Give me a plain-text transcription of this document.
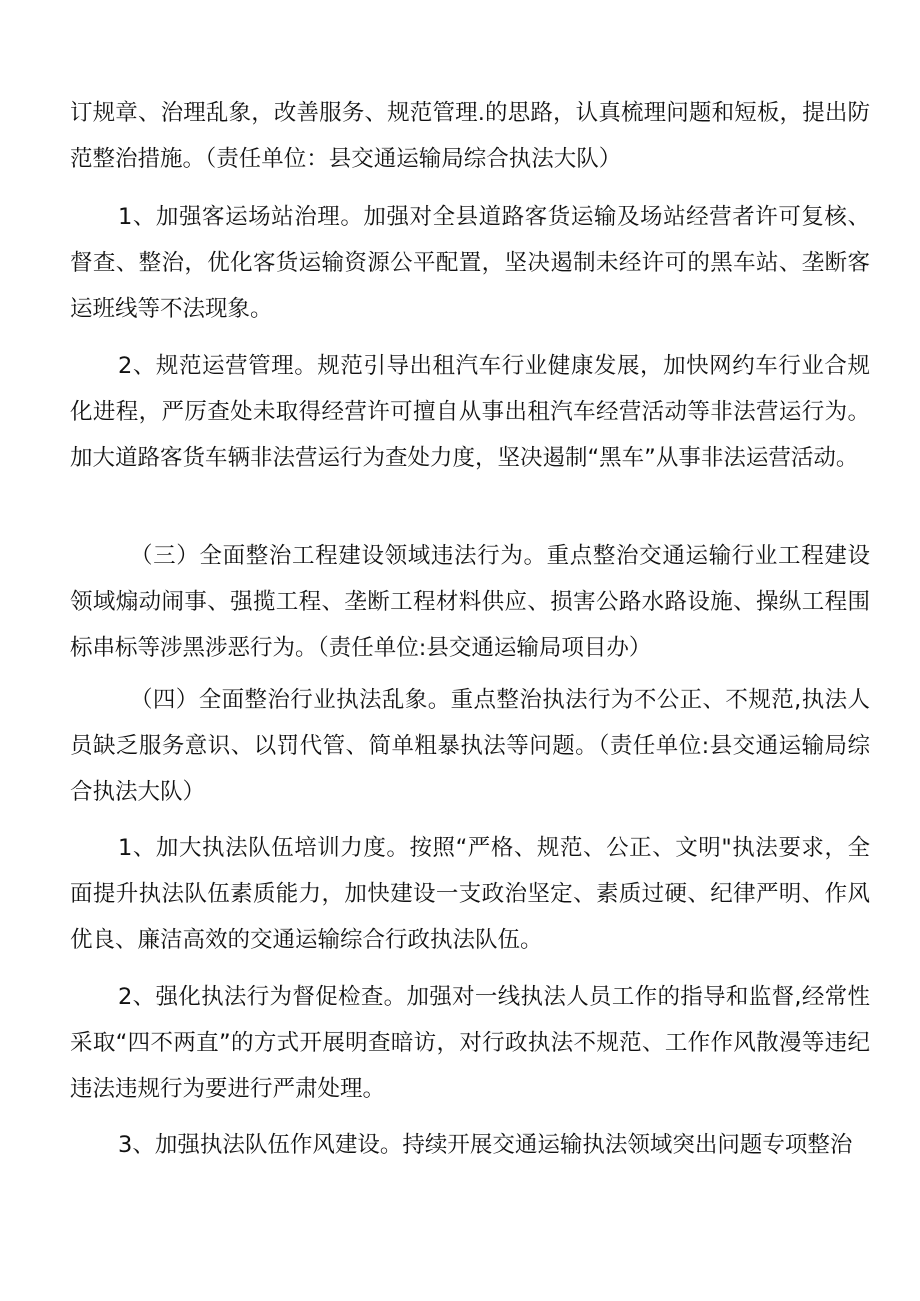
订规章、治理乱象，改善服务、规范管理.的思路，认真梳理问题和短板，提出防范整治措施。（责任单位：县交通运输局综合执法大队）

1、加强客运场站治理。加强对全县道路客货运输及场站经营者许可复核、督查、整治，优化客货运输资源公平配置，坚决遏制未经许可的黑车站、垄断客运班线等不法现象。

2、规范运营管理。规范引导出租汽车行业健康发展，加快网约车行业合规化进程，严厉查处未取得经营许可擅自从事出租汽车经营活动等非法营运行为。加大道路客货车辆非法营运行为查处力度，坚决遏制“黑车”从事非法运营活动。

（三）全面整治工程建设领域违法行为。重点整治交通运输行业工程建设领域煽动闹事、强揽工程、垄断工程材料供应、损害公路水路设施、操纵工程围标串标等涉黑涉恶行为。（责任单位:县交通运输局项目办）

（四）全面整治行业执法乱象。重点整治执法行为不公正、不规范,执法人员缺乏服务意识、以罚代管、简单粗暴执法等问题。（责任单位:县交通运输局综合执法大队）

1、加大执法队伍培训力度。按照“严格、规范、公正、文明"执法要求，全面提升执法队伍素质能力，加快建设一支政治坚定、素质过硬、纪律严明、作风优良、廉洁高效的交通运输综合行政执法队伍。

2、强化执法行为督促检查。加强对一线执法人员工作的指导和监督,经常性采取“四不两直”的方式开展明查暗访，对行政执法不规范、工作作风散漫等违纪违法违规行为要进行严肃处理。

3、加强执法队伍作风建设。持续开展交通运输执法领域突出问题专项整治
